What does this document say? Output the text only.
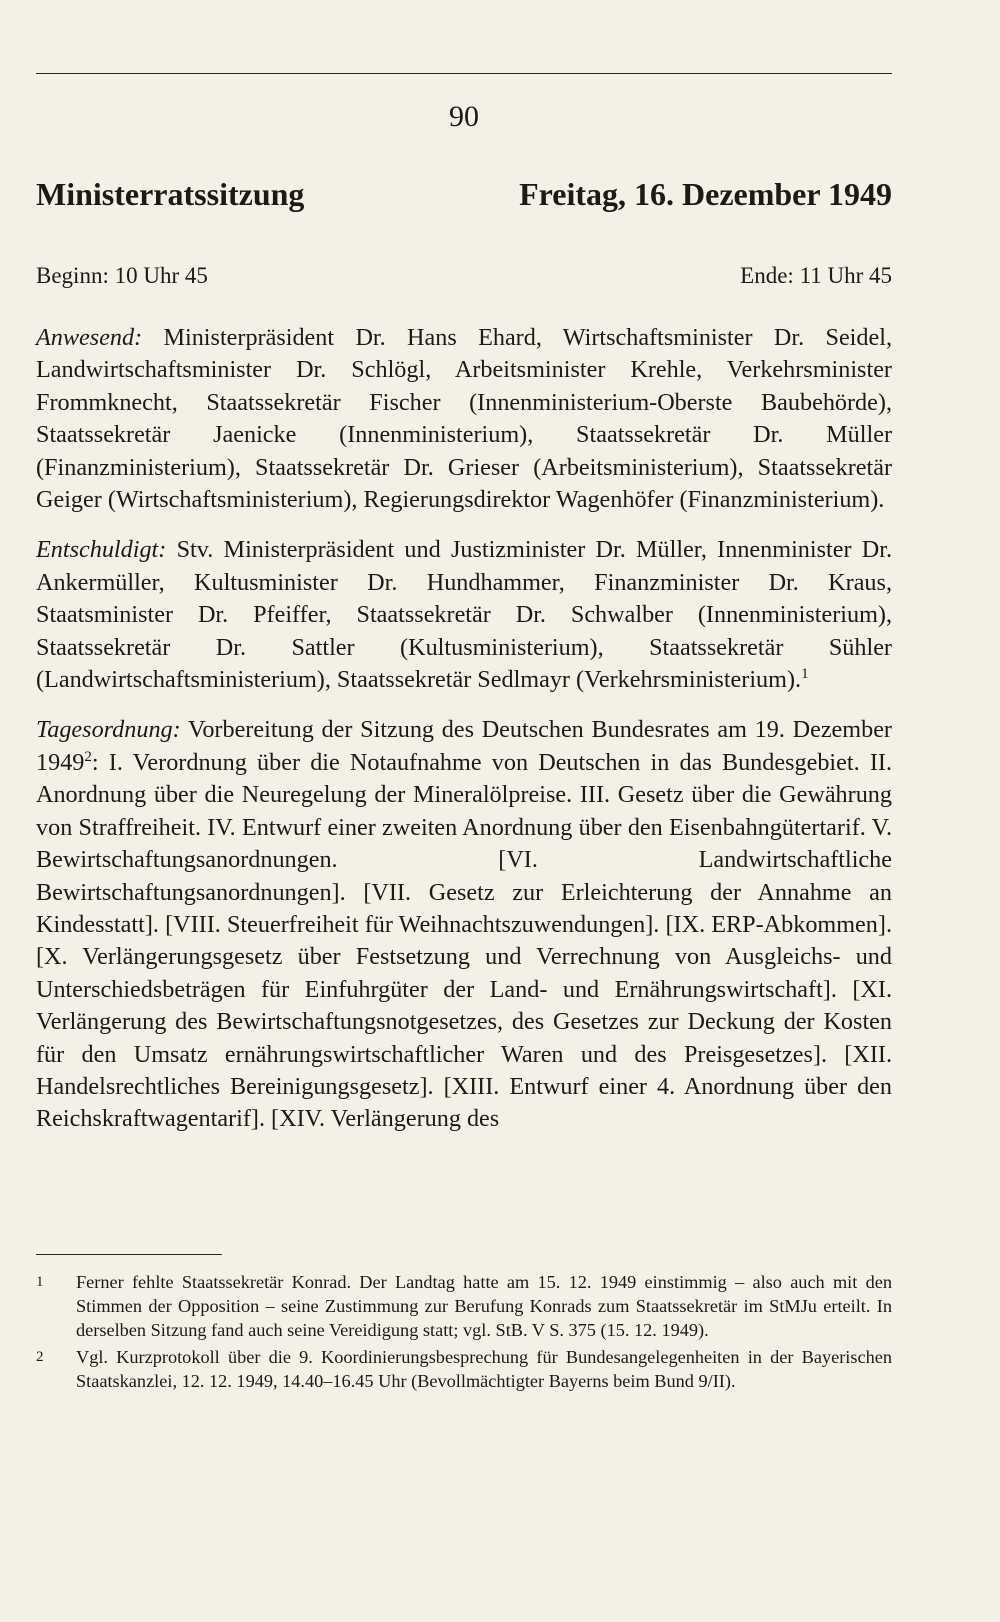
90
Ministerratssitzung	Freitag, 16. Dezember 1949
Beginn: 10 Uhr 45	Ende: 11 Uhr 45

Anwesend: Ministerpräsident Dr. Hans Ehard, Wirtschaftsminister Dr. Seidel, Landwirtschaftsminister Dr. Schlögl, Arbeitsminister Krehle, Verkehrsminister Frommknecht, Staatssekretär Fischer (Innenministerium-Oberste Baubehörde), Staatssekretär Jaenicke (Innenministerium), Staatssekretär Dr. Müller (Finanzministerium), Staatssekretär Dr. Grieser (Arbeitsministerium), Staatssekretär Geiger (Wirtschaftsministerium), Regierungsdirektor Wagenhöfer (Finanzministerium).

Entschuldigt: Stv. Ministerpräsident und Justizminister Dr. Müller, Innenminister Dr. Ankermüller, Kultusminister Dr. Hundhammer, Finanzminister Dr. Kraus, Staatsminister Dr. Pfeiffer, Staatssekretär Dr. Schwalber (Innenministerium), Staatssekretär Dr. Sattler (Kultusministerium), Staatssekretär Sühler (Landwirtschaftsministerium), Staatssekretär Sedlmayr (Verkehrsministerium).$^1$

Tagesordnung: Vorbereitung der Sitzung des Deutschen Bundesrates am 19. Dezember 1949$^2$: I. Verordnung über die Notaufnahme von Deutschen in das Bundesgebiet. II. Anordnung über die Neuregelung der Mineralölpreise. III. Gesetz über die Gewährung von Straffreiheit. IV. Entwurf einer zweiten Anordnung über den Eisenbahngütertarif. V. Bewirtschaftungsanordnungen. [VI. Landwirtschaftliche Bewirtschaftungsanordnungen]. [VII. Gesetz zur Erleichterung der Annahme an Kindesstatt]. [VIII. Steuerfreiheit für Weihnachtszuwendungen]. [IX. ERP-Abkommen]. [X. Verlängerungsgesetz über Festsetzung und Verrechnung von Ausgleichs- und Unterschiedsbeträgen für Einfuhrgüter der Land- und Ernährungswirtschaft]. [XI. Verlängerung des Bewirtschaftungsnotgesetzes, des Gesetzes zur Deckung der Kosten für den Umsatz ernährungswirtschaftlicher Waren und des Preisgesetzes]. [XII. Handelsrechtliches Bereinigungsgesetz]. [XIII. Entwurf einer 4. Anordnung über den Reichskraftwagentarif]. [XIV. Verlängerung des

1	Ferner fehlte Staatssekretär Konrad. Der Landtag hatte am 15. 12. 1949 einstimmig – also auch mit den Stimmen der Opposition – seine Zustimmung zur Berufung Konrads zum Staatssekretär im StMJu erteilt. In derselben Sitzung fand auch seine Vereidigung statt; vgl. StB. V S. 375 (15. 12. 1949).
2	Vgl. Kurzprotokoll über die 9. Koordinierungsbesprechung für Bundesangelegenheiten in der Bayerischen Staatskanzlei, 12. 12. 1949, 14.40–16.45 Uhr (Bevollmächtigter Bayerns beim Bund 9/II).
